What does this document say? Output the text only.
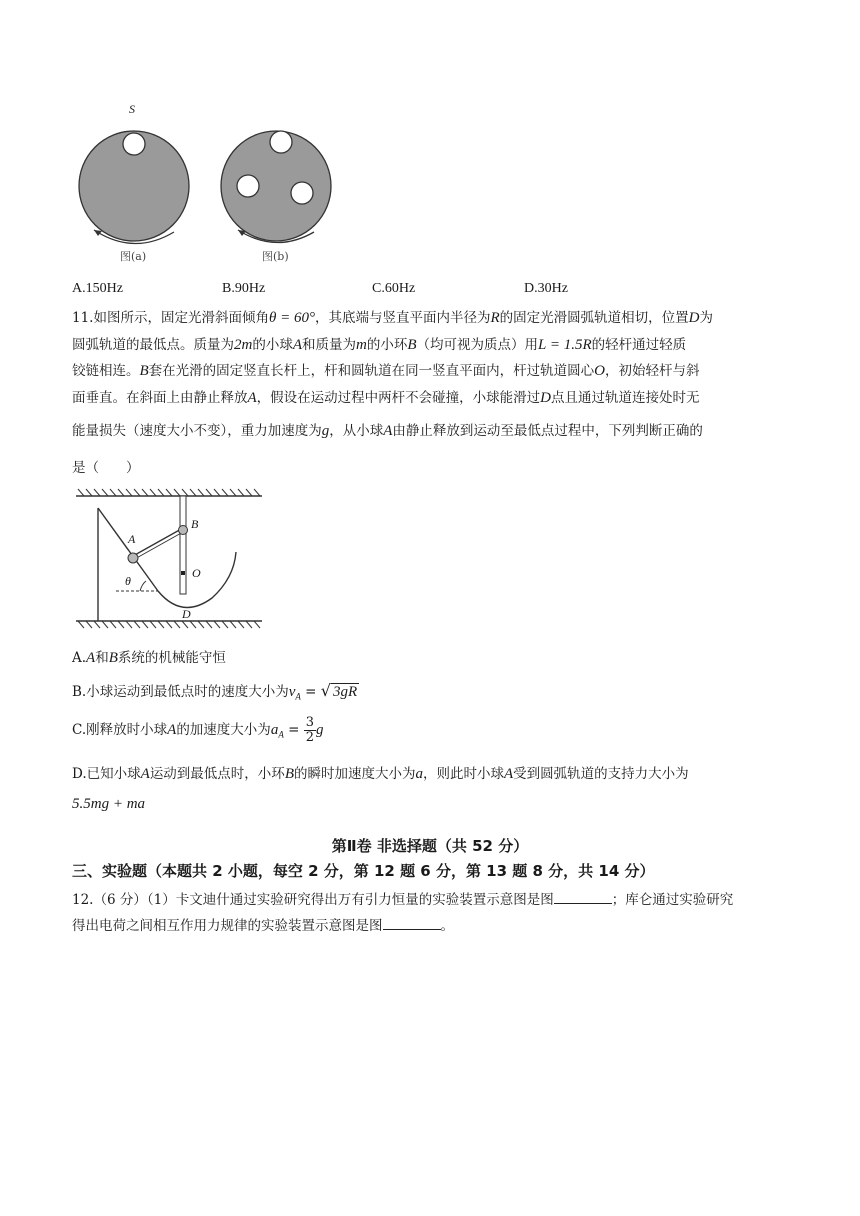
S
图(a)	图(b)
A.150Hz	B.90Hz	C.60Hz	D.30Hz
11.如图所示，固定光滑斜面倾角θ = 60°，其底端与竖直平面内半径为R的固定光滑圆弧轨道相切，位置D为
圆弧轨道的最低点。质量为2m的小球A和质量为m的小环B（均可视为质点）用L = 1.5R的轻杆通过轻质
铰链相连。B套在光滑的固定竖直长杆上，杆和圆轨道在同一竖直平面内，杆过轨道圆心O，初始轻杆与斜
面垂直。在斜面上由静止释放A，假设在运动过程中两杆不会碰撞，小球能滑过D点且通过轨道连接处时无
能量损失（速度大小不变），重力加速度为g，从小球A由静止释放到运动至最低点过程中，下列判断正确的
是（　　）
A
B
O
D
θ
A.A和B系统的机械能守恒
B.小球运动到最低点时的速度大小为$v_A$ = √ 3gR
C.刚释放时小球A的加速度大小为$a_A = \frac{3}{2}$ g
D.已知小球A运动到最低点时，小环B的瞬时加速度大小为a，则此时小球A受到圆弧轨道的支持力大小为
5.5mg + ma
第Ⅱ卷 非选择题（共 52 分）
三、实验题（本题共 2 小题，每空 2 分，第 12 题 6 分，第 13 题 8 分，共 14 分）
12.（6 分）（1）卡文迪什通过实验研究得出万有引力恒量的实验装置示意图是图	；库仑通过实验研究
得出电荷之间相互作用力规律的实验装置示意图是图	。
